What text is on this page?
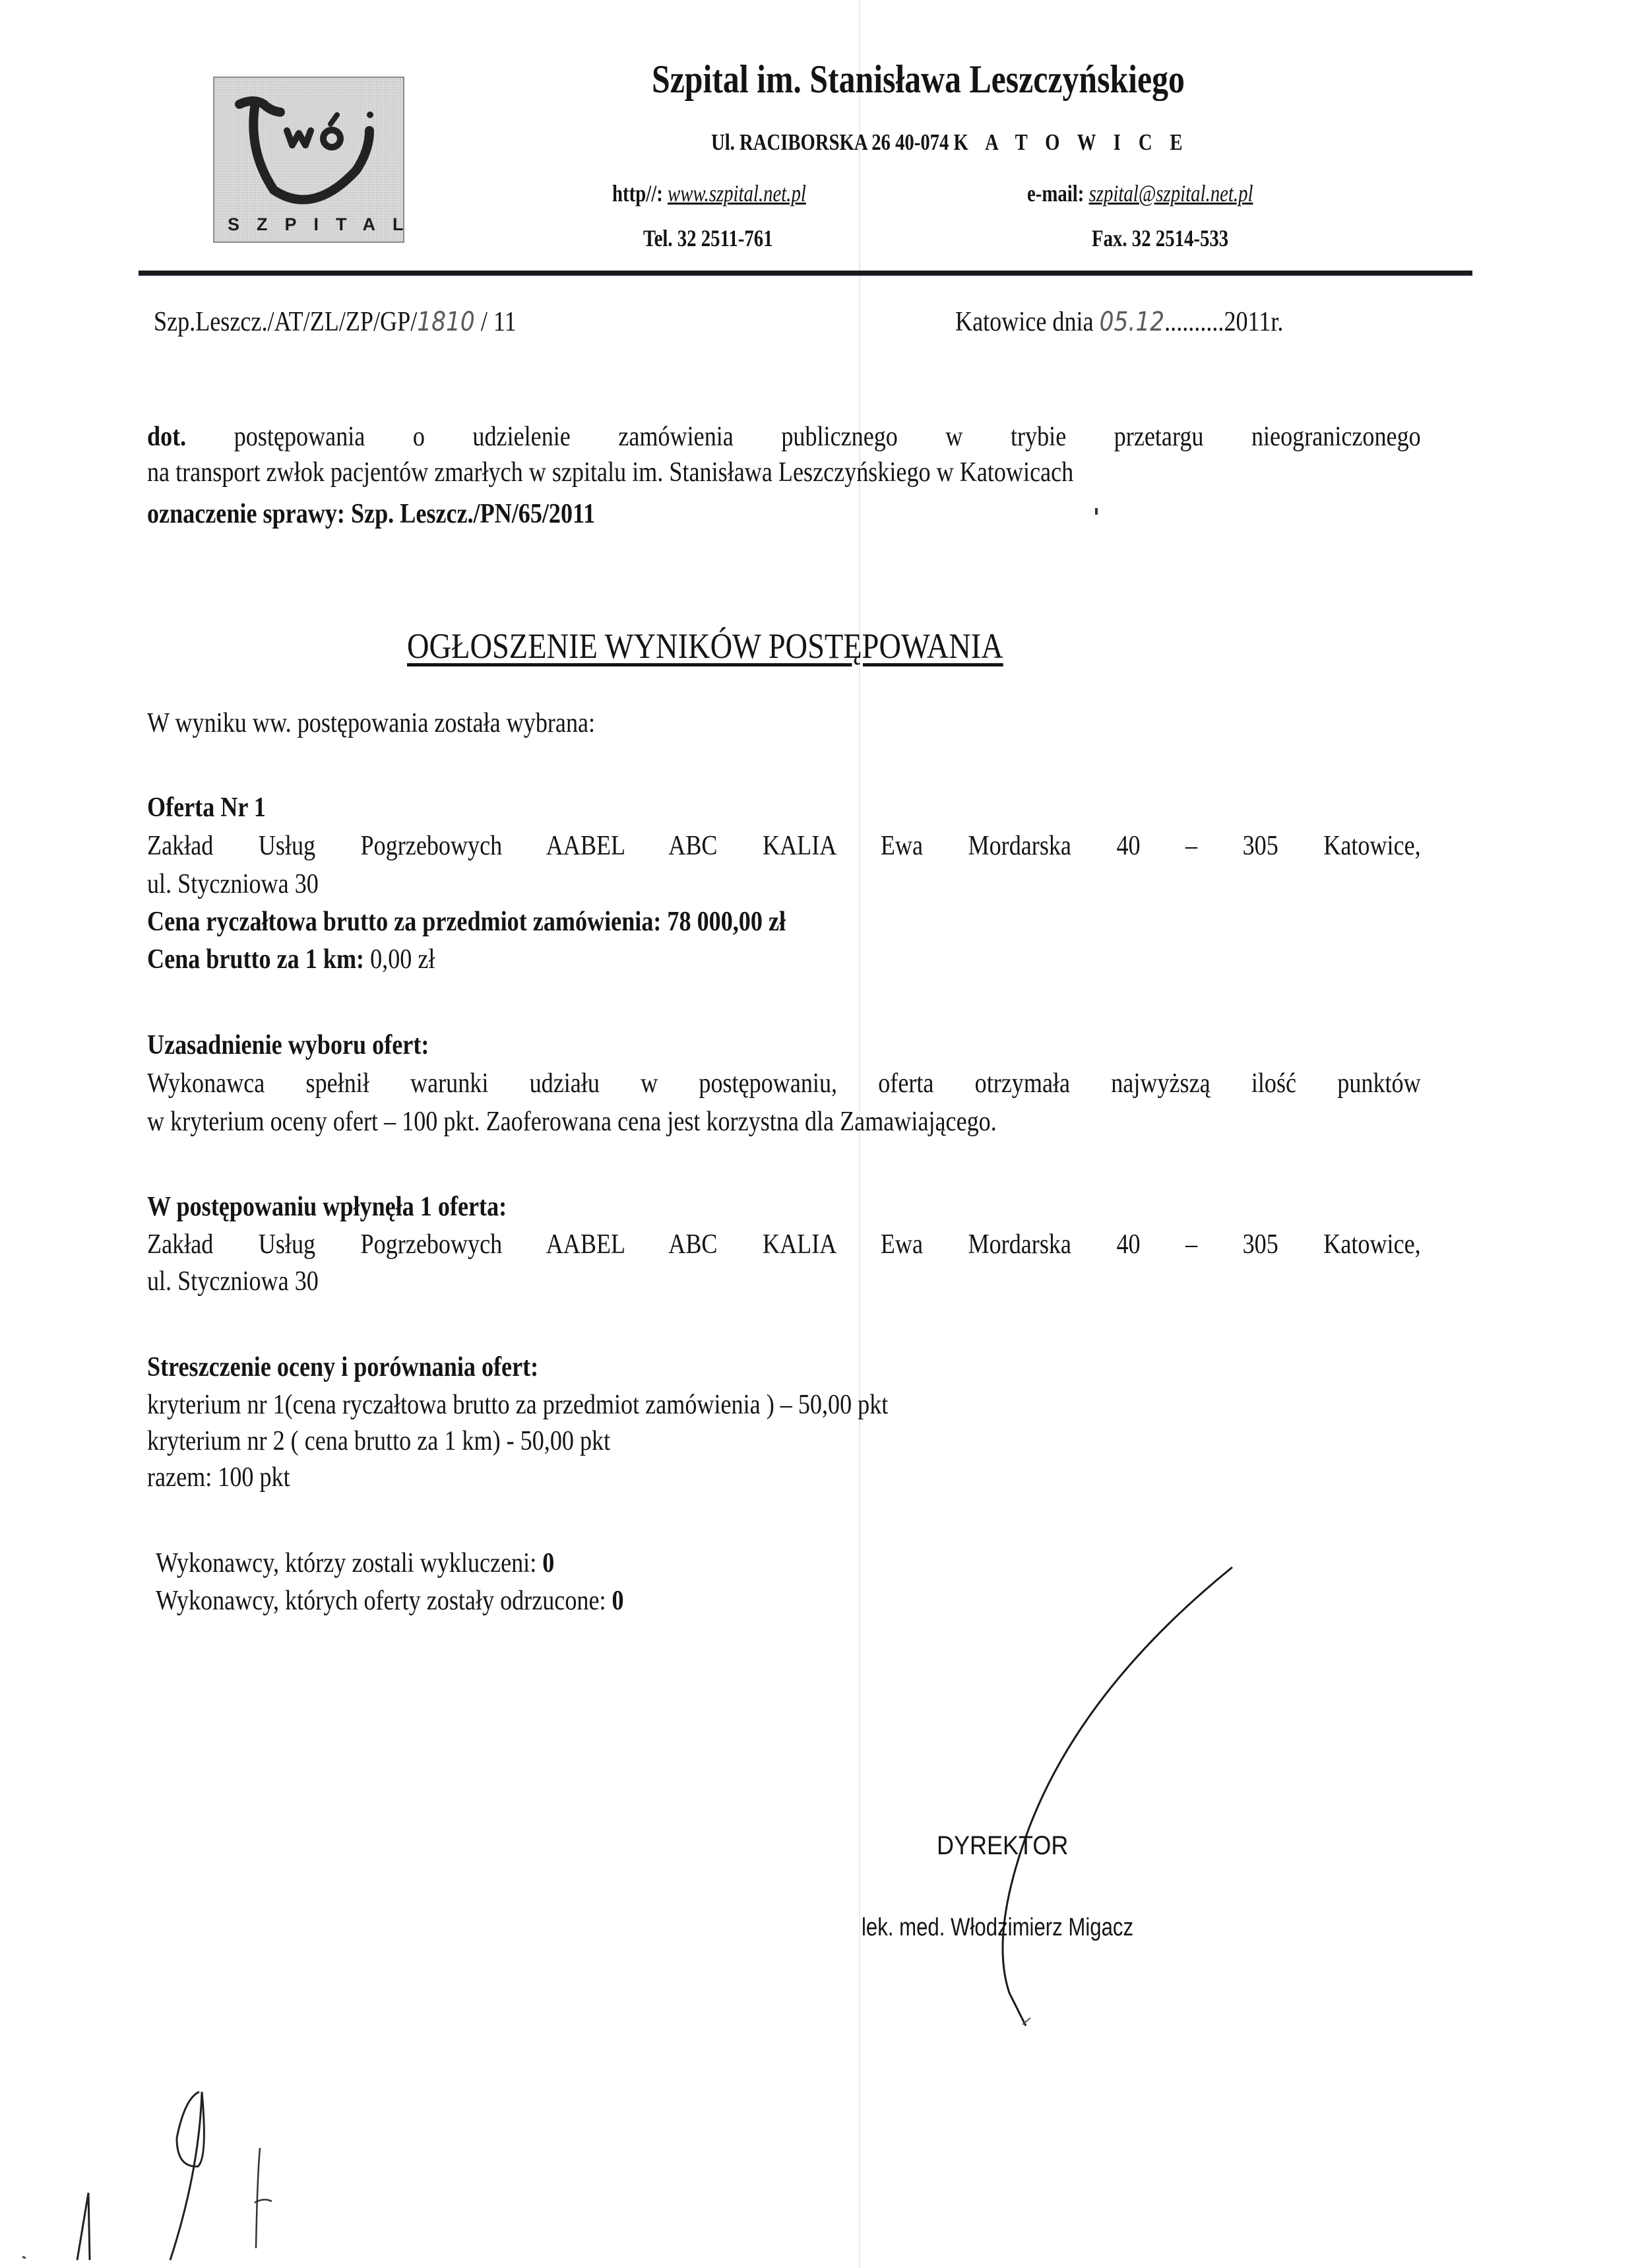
SZPITAL
Szpital im. Stanisława Leszczyńskiego
Ul. RACIBORSKA 26 40-074 K A T O W I C E
http//: www.szpital.net.pl	e-mail: szpital@szpital.net.pl
Tel. 32 2511-761	Fax. 32 2514-533
Szp.Leszcz./AT/ZL/ZP/GP/1810 / 11	Katowice dnia 05.12..........2011r.
dot. postępowania o udzielenie zamówienia publicznego w trybie przetargu nieograniczonego
na transport zwłok pacjentów zmarłych w szpitalu im. Stanisława Leszczyńskiego w Katowicach
oznaczenie sprawy: Szp. Leszcz./PN/65/2011
OGŁOSZENIE WYNIKÓW POSTĘPOWANIA
W wyniku ww. postępowania została wybrana:
Oferta Nr 1
Zakład Usług Pogrzebowych AABEL ABC KALIA Ewa Mordarska 40 – 305 Katowice,
ul. Styczniowa 30
Cena ryczałtowa brutto za przedmiot zamówienia: 78 000,00 zł
Cena brutto za 1 km: 0,00 zł
Uzasadnienie wyboru ofert:
Wykonawca spełnił warunki udziału w postępowaniu, oferta otrzymała najwyższą ilość punktów
w kryterium oceny ofert – 100 pkt. Zaoferowana cena jest korzystna dla Zamawiającego.
W postępowaniu wpłynęła 1 oferta:
Zakład Usług Pogrzebowych AABEL ABC KALIA Ewa Mordarska 40 – 305 Katowice,
ul. Styczniowa 30
Streszczenie oceny i porównania ofert:
kryterium nr 1(cena ryczałtowa brutto za przedmiot zamówienia ) – 50,00 pkt
kryterium nr 2 ( cena brutto za 1 km) - 50,00 pkt
razem: 100 pkt
Wykonawcy, którzy zostali wykluczeni: 0
Wykonawcy, których oferty zostały odrzucone: 0
DYREKTOR
lek. med. Włodzimierz Migacz
